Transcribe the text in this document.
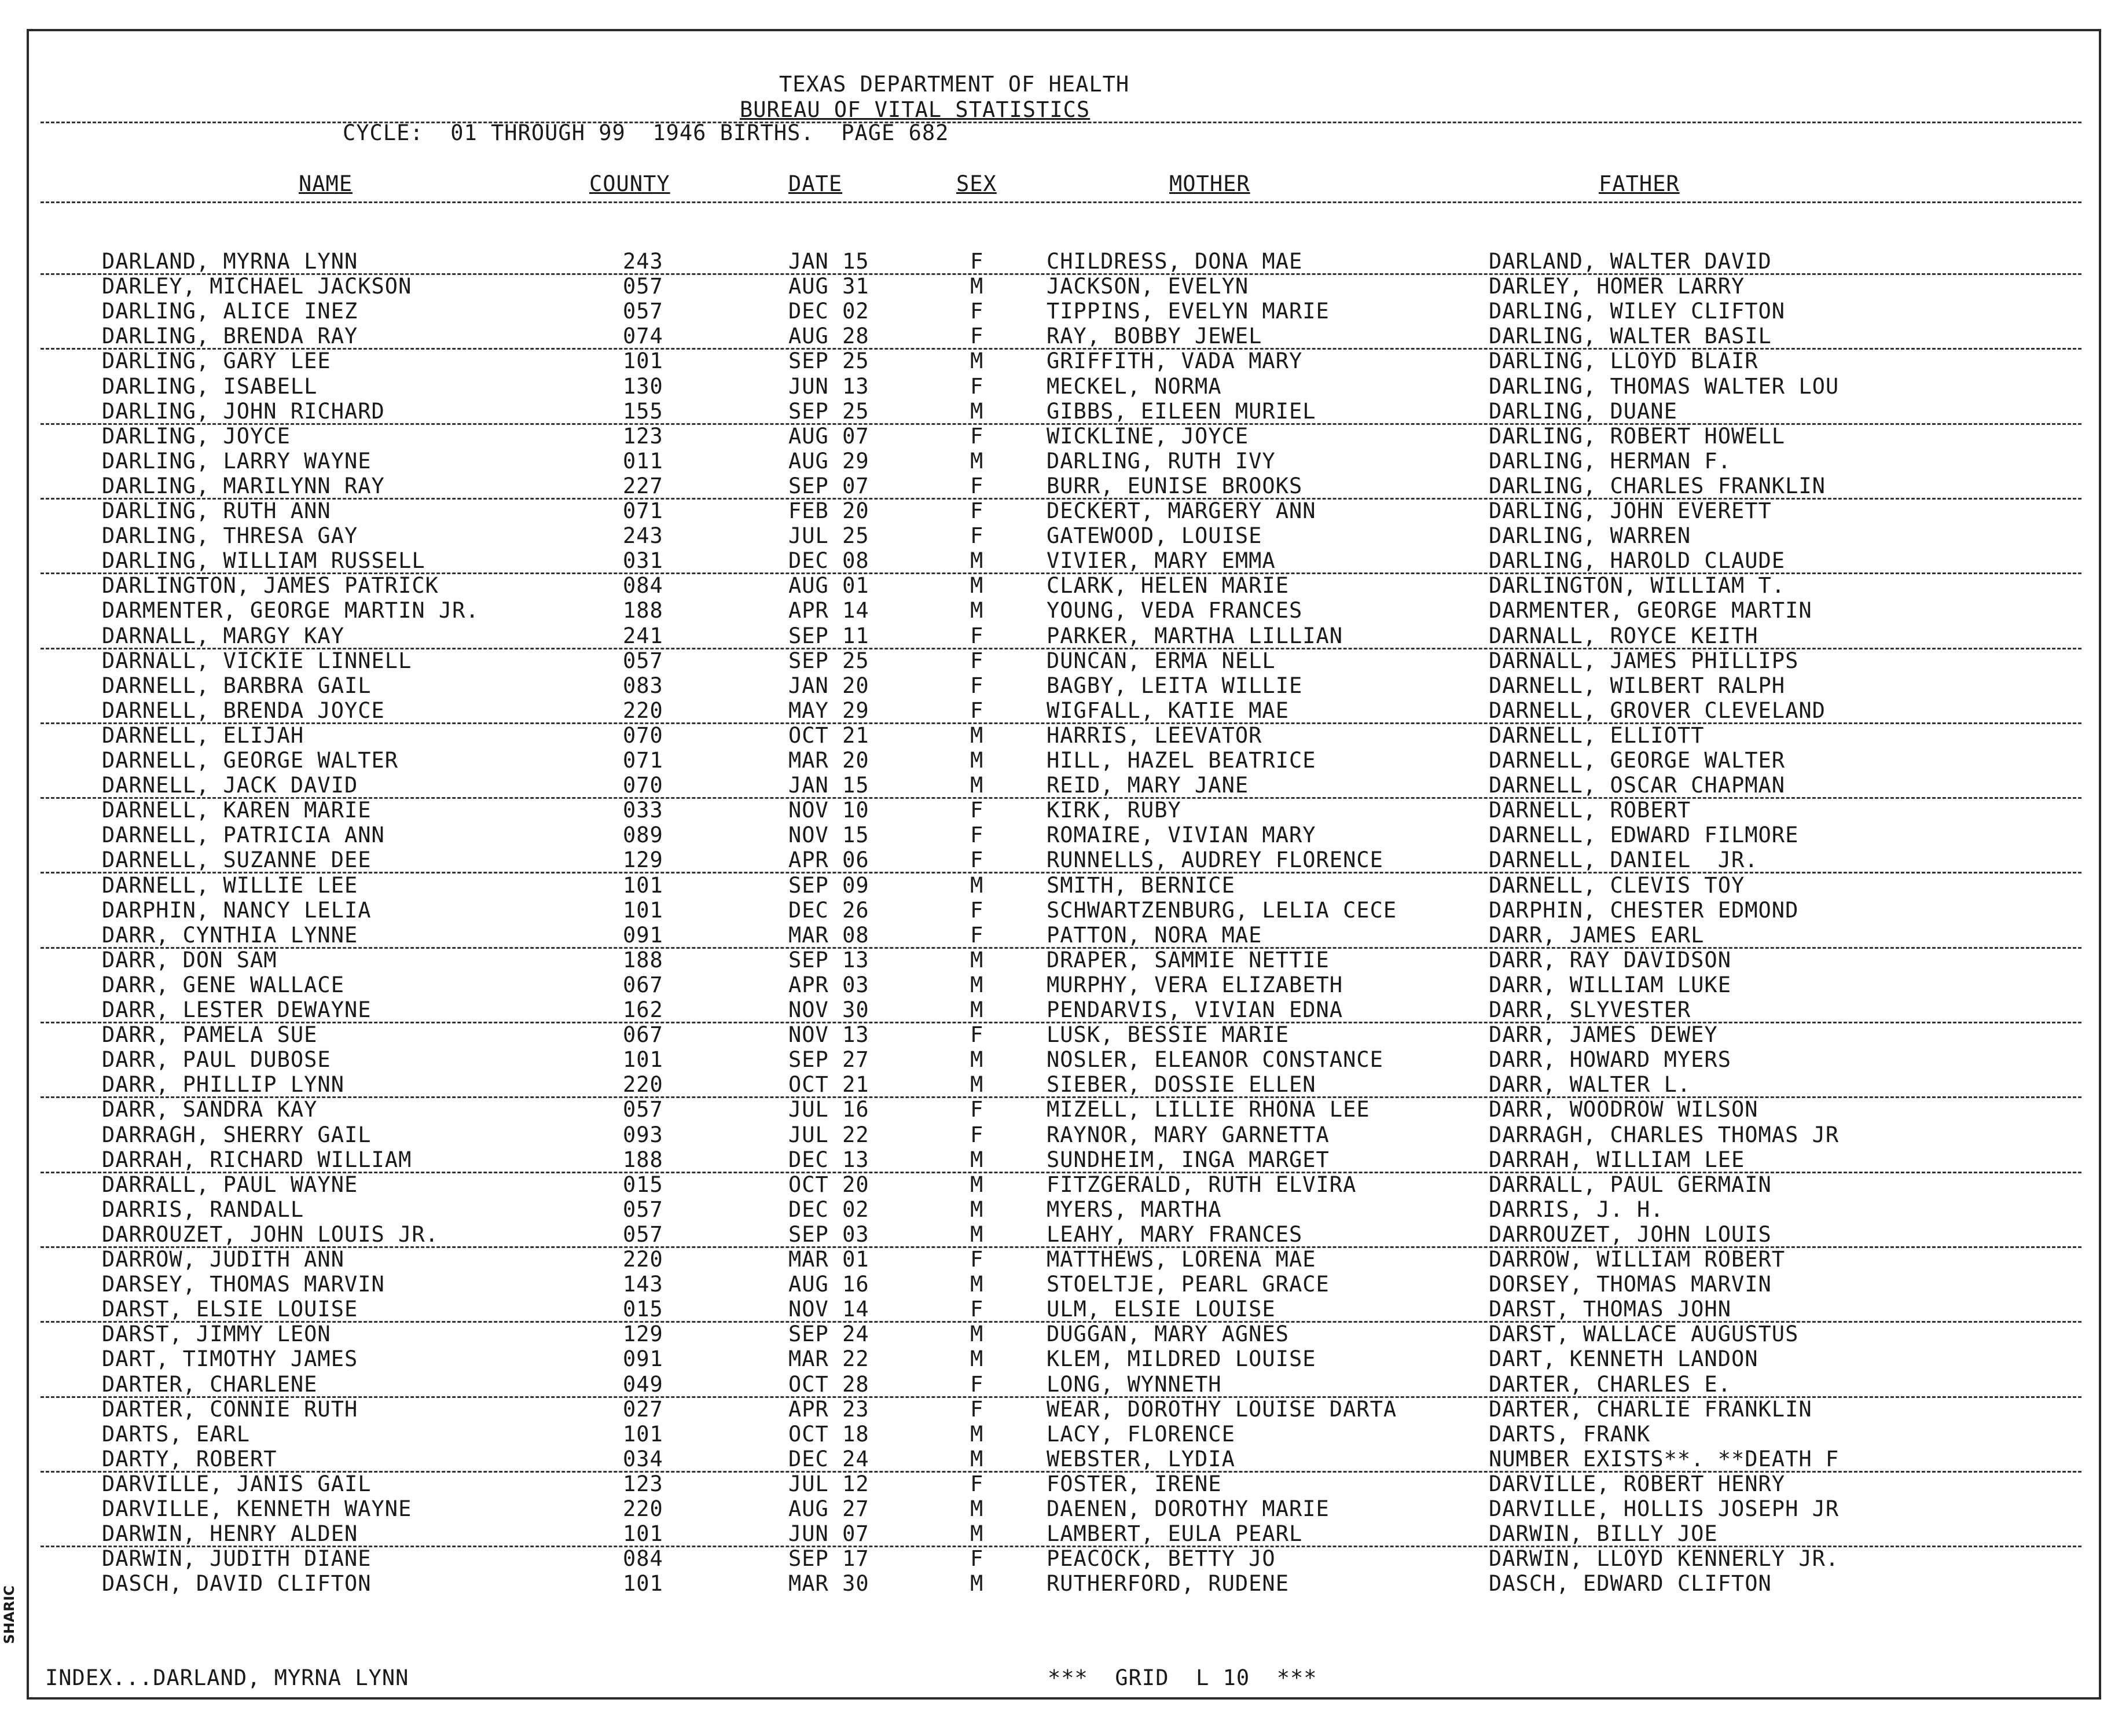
TEXAS DEPARTMENT OF HEALTH
BUREAU OF VITAL STATISTICS
CYCLE:  01 THROUGH 99  1946 BIRTHS.  PAGE 682
NAME	COUNTY	DATE	SEX	MOTHER	FATHER
DARLAND, MYRNA LYNN	243	JAN 15	F	CHILDRESS, DONA MAE	DARLAND, WALTER DAVID
DARLEY, MICHAEL JACKSON	057	AUG 31	M	JACKSON, EVELYN	DARLEY, HOMER LARRY
DARLING, ALICE INEZ	057	DEC 02	F	TIPPINS, EVELYN MARIE	DARLING, WILEY CLIFTON
DARLING, BRENDA RAY	074	AUG 28	F	RAY, BOBBY JEWEL	DARLING, WALTER BASIL
DARLING, GARY LEE	101	SEP 25	M	GRIFFITH, VADA MARY	DARLING, LLOYD BLAIR
DARLING, ISABELL	130	JUN 13	F	MECKEL, NORMA	DARLING, THOMAS WALTER LOU
DARLING, JOHN RICHARD	155	SEP 25	M	GIBBS, EILEEN MURIEL	DARLING, DUANE
DARLING, JOYCE	123	AUG 07	F	WICKLINE, JOYCE	DARLING, ROBERT HOWELL
DARLING, LARRY WAYNE	011	AUG 29	M	DARLING, RUTH IVY	DARLING, HERMAN F.
DARLING, MARILYNN RAY	227	SEP 07	F	BURR, EUNISE BROOKS	DARLING, CHARLES FRANKLIN
DARLING, RUTH ANN	071	FEB 20	F	DECKERT, MARGERY ANN	DARLING, JOHN EVERETT
DARLING, THRESA GAY	243	JUL 25	F	GATEWOOD, LOUISE	DARLING, WARREN
DARLING, WILLIAM RUSSELL	031	DEC 08	M	VIVIER, MARY EMMA	DARLING, HAROLD CLAUDE
DARLINGTON, JAMES PATRICK	084	AUG 01	M	CLARK, HELEN MARIE	DARLINGTON, WILLIAM T.
DARMENTER, GEORGE MARTIN JR.	188	APR 14	M	YOUNG, VEDA FRANCES	DARMENTER, GEORGE MARTIN
DARNALL, MARGY KAY	241	SEP 11	F	PARKER, MARTHA LILLIAN	DARNALL, ROYCE KEITH
DARNALL, VICKIE LINNELL	057	SEP 25	F	DUNCAN, ERMA NELL	DARNALL, JAMES PHILLIPS
DARNELL, BARBRA GAIL	083	JAN 20	F	BAGBY, LEITA WILLIE	DARNELL, WILBERT RALPH
DARNELL, BRENDA JOYCE	220	MAY 29	F	WIGFALL, KATIE MAE	DARNELL, GROVER CLEVELAND
DARNELL, ELIJAH	070	OCT 21	M	HARRIS, LEEVATOR	DARNELL, ELLIOTT
DARNELL, GEORGE WALTER	071	MAR 20	M	HILL, HAZEL BEATRICE	DARNELL, GEORGE WALTER
DARNELL, JACK DAVID	070	JAN 15	M	REID, MARY JANE	DARNELL, OSCAR CHAPMAN
DARNELL, KAREN MARIE	033	NOV 10	F	KIRK, RUBY	DARNELL, ROBERT
DARNELL, PATRICIA ANN	089	NOV 15	F	ROMAIRE, VIVIAN MARY	DARNELL, EDWARD FILMORE
DARNELL, SUZANNE DEE	129	APR 06	F	RUNNELLS, AUDREY FLORENCE	DARNELL, DANIEL  JR.
DARNELL, WILLIE LEE	101	SEP 09	M	SMITH, BERNICE	DARNELL, CLEVIS TOY
DARPHIN, NANCY LELIA	101	DEC 26	F	SCHWARTZENBURG, LELIA CECE	DARPHIN, CHESTER EDMOND
DARR, CYNTHIA LYNNE	091	MAR 08	F	PATTON, NORA MAE	DARR, JAMES EARL
DARR, DON SAM	188	SEP 13	M	DRAPER, SAMMIE NETTIE	DARR, RAY DAVIDSON
DARR, GENE WALLACE	067	APR 03	M	MURPHY, VERA ELIZABETH	DARR, WILLIAM LUKE
DARR, LESTER DEWAYNE	162	NOV 30	M	PENDARVIS, VIVIAN EDNA	DARR, SLYVESTER
DARR, PAMELA SUE	067	NOV 13	F	LUSK, BESSIE MARIE	DARR, JAMES DEWEY
DARR, PAUL DUBOSE	101	SEP 27	M	NOSLER, ELEANOR CONSTANCE	DARR, HOWARD MYERS
DARR, PHILLIP LYNN	220	OCT 21	M	SIEBER, DOSSIE ELLEN	DARR, WALTER L.
DARR, SANDRA KAY	057	JUL 16	F	MIZELL, LILLIE RHONA LEE	DARR, WOODROW WILSON
DARRAGH, SHERRY GAIL	093	JUL 22	F	RAYNOR, MARY GARNETTA	DARRAGH, CHARLES THOMAS JR
DARRAH, RICHARD WILLIAM	188	DEC 13	M	SUNDHEIM, INGA MARGET	DARRAH, WILLIAM LEE
DARRALL, PAUL WAYNE	015	OCT 20	M	FITZGERALD, RUTH ELVIRA	DARRALL, PAUL GERMAIN
DARRIS, RANDALL	057	DEC 02	M	MYERS, MARTHA	DARRIS, J. H.
DARROUZET, JOHN LOUIS JR.	057	SEP 03	M	LEAHY, MARY FRANCES	DARROUZET, JOHN LOUIS
DARROW, JUDITH ANN	220	MAR 01	F	MATTHEWS, LORENA MAE	DARROW, WILLIAM ROBERT
DARSEY, THOMAS MARVIN	143	AUG 16	M	STOELTJE, PEARL GRACE	DORSEY, THOMAS MARVIN
DARST, ELSIE LOUISE	015	NOV 14	F	ULM, ELSIE LOUISE	DARST, THOMAS JOHN
DARST, JIMMY LEON	129	SEP 24	M	DUGGAN, MARY AGNES	DARST, WALLACE AUGUSTUS
DART, TIMOTHY JAMES	091	MAR 22	M	KLEM, MILDRED LOUISE	DART, KENNETH LANDON
DARTER, CHARLENE	049	OCT 28	F	LONG, WYNNETH	DARTER, CHARLES E.
DARTER, CONNIE RUTH	027	APR 23	F	WEAR, DOROTHY LOUISE DARTA	DARTER, CHARLIE FRANKLIN
DARTS, EARL	101	OCT 18	M	LACY, FLORENCE	DARTS, FRANK
DARTY, ROBERT	034	DEC 24	M	WEBSTER, LYDIA	NUMBER EXISTS**. **DEATH F
DARVILLE, JANIS GAIL	123	JUL 12	F	FOSTER, IRENE	DARVILLE, ROBERT HENRY
DARVILLE, KENNETH WAYNE	220	AUG 27	M	DAENEN, DOROTHY MARIE	DARVILLE, HOLLIS JOSEPH JR
DARWIN, HENRY ALDEN	101	JUN 07	M	LAMBERT, EULA PEARL	DARWIN, BILLY JOE
DARWIN, JUDITH DIANE	084	SEP 17	F	PEACOCK, BETTY JO	DARWIN, LLOYD KENNERLY JR.
DASCH, DAVID CLIFTON	101	MAR 30	M	RUTHERFORD, RUDENE	DASCH, EDWARD CLIFTON
INDEX...DARLAND, MYRNA LYNN	***  GRID  L 10  ***
SHARIC
